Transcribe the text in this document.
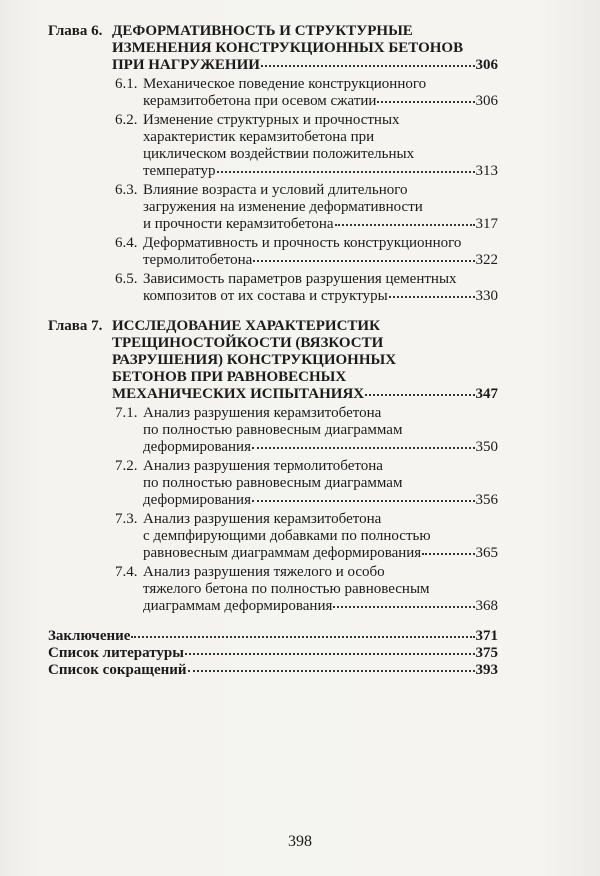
Глава 6. ДЕФОРМАТИВНОСТЬ И СТРУКТУРНЫЕ
ИЗМЕНЕНИЯ КОНСТРУКЦИОННЫХ БЕТОНОВ
ПРИ НАГРУЖЕНИИ	306
6.1. Механическое поведение конструкционного
керамзитобетона при осевом сжатии	306
6.2. Изменение структурных и прочностных
характеристик керамзитобетона при
циклическом воздействии положительных
температур	313
6.3. Влияние возраста и условий длительного
загружения на изменение деформативности
и прочности керамзитобетона	317
6.4. Деформативность и прочность конструкционного
термолитобетона	322
6.5. Зависимость параметров разрушения цементных
композитов от их состава и структуры	330
Глава 7. ИССЛЕДОВАНИЕ ХАРАКТЕРИСТИК
ТРЕЩИНОСТОЙКОСТИ (ВЯЗКОСТИ
РАЗРУШЕНИЯ) КОНСТРУКЦИОННЫХ
БЕТОНОВ ПРИ РАВНОВЕСНЫХ
МЕХАНИЧЕСКИХ ИСПЫТАНИЯХ	347
7.1. Анализ разрушения керамзитобетона
по полностью равновесным диаграммам
деформирования	350
7.2. Анализ разрушения термолитобетона
по полностью равновесным диаграммам
деформирования	356
7.3. Анализ разрушения керамзитобетона
с демпфирующими добавками по полностью
равновесным диаграммам деформирования	365
7.4. Анализ разрушения тяжелого и особо
тяжелого бетона по полностью равновесным
диаграммам деформирования	368
Заключение	371
Список литературы	375
Список сокращений	393
398
